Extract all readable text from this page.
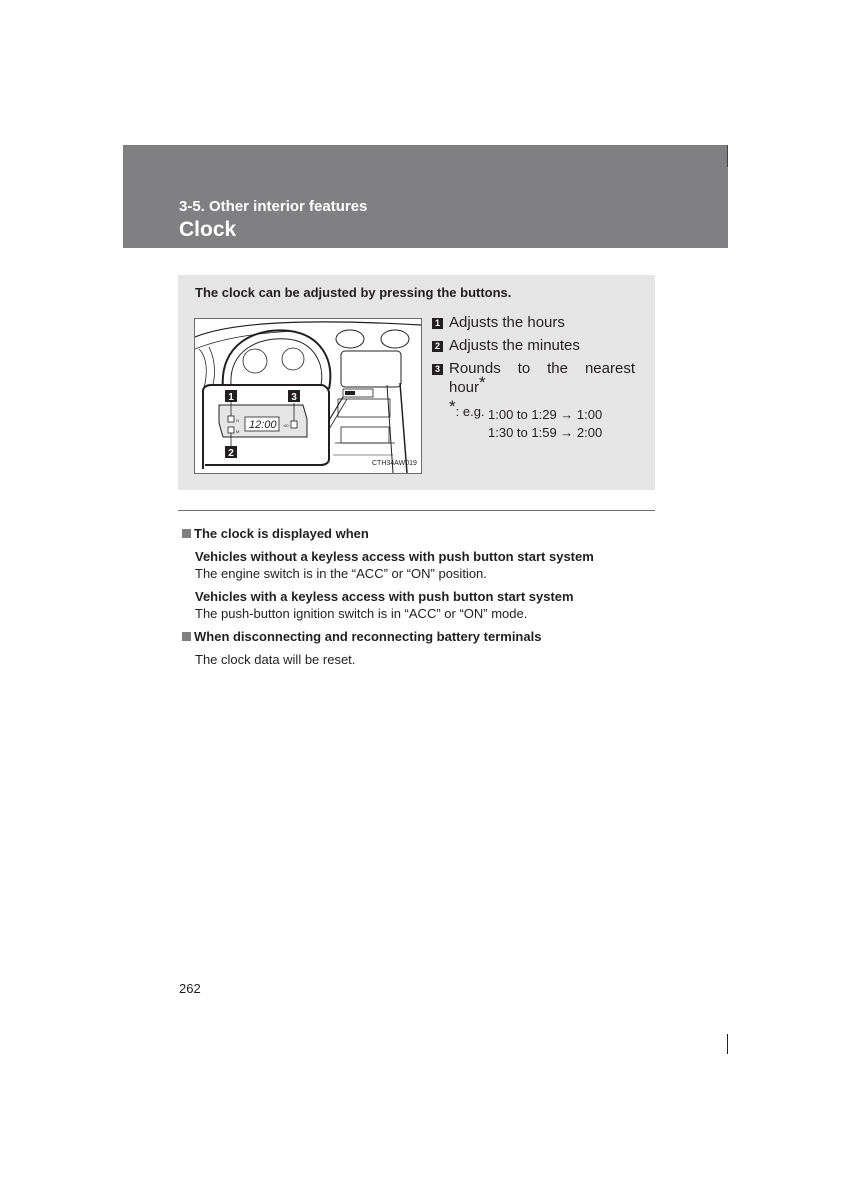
3-5. Other interior features
Clock
The clock can be adjusted by pressing the buttons.
H
M
12:00 :00
1
2
3
CTH34AW019
1 Adjusts the hours
2 Adjusts the minutes
3 Rounds to the nearest
hour*
*: e.g. 1:00 to 1:29 → 1:00
1:30 to 1:59 → 2:00
The clock is displayed when
Vehicles without a keyless access with push button start system
The engine switch is in the “ACC” or “ON” position.
Vehicles with a keyless access with push button start system
The push-button ignition switch is in “ACC” or “ON” mode.
When disconnecting and reconnecting battery terminals
The clock data will be reset.
262
